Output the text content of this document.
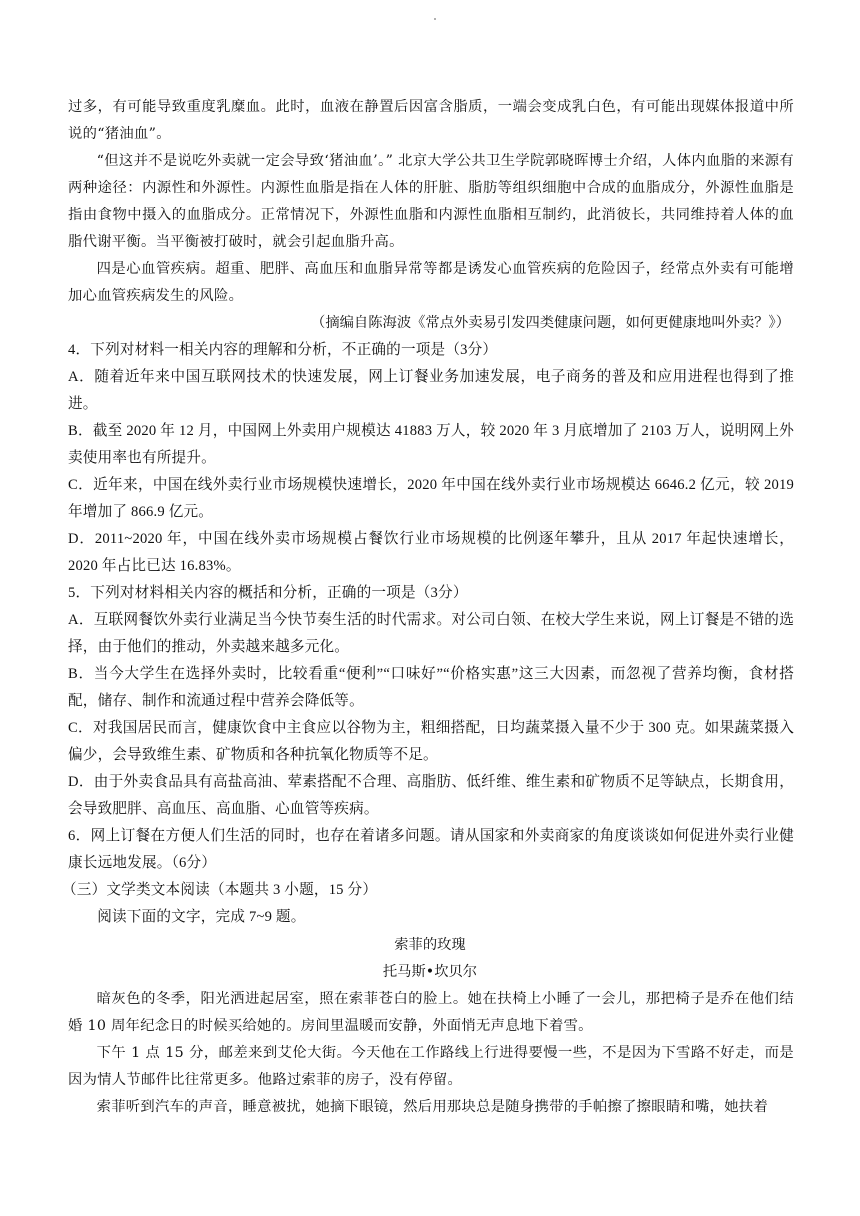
过多，有可能导致重度乳糜血。此时，血液在静置后因富含脂质，一端会变成乳白色，有可能出现媒体报道中所说的“猪油血”。

“但这并不是说吃外卖就一定会导致‘猪油血’。” 北京大学公共卫生学院郭晓晖博士介绍，人体内血脂的来源有两种途径：内源性和外源性。内源性血脂是指在人体的肝脏、脂肪等组织细胞中合成的血脂成分，外源性血脂是指由食物中摄入的血脂成分。正常情况下，外源性血脂和内源性血脂相互制约，此消彼长，共同维持着人体的血脂代谢平衡。当平衡被打破时，就会引起血脂升高。

四是心血管疾病。超重、肥胖、高血压和血脂异常等都是诱发心血管疾病的危险因子，经常点外卖有可能增加心血管疾病发生的风险。

（摘编自陈海波《常点外卖易引发四类健康问题，如何更健康地叫外卖？》）

4．下列对材料一相关内容的理解和分析，不正确的一项是（3分）

A．随着近年来中国互联网技术的快速发展，网上订餐业务加速发展，电子商务的普及和应用进程也得到了推进。

B．截至 2020 年 12 月，中国网上外卖用户规模达 41883 万人，较 2020 年 3 月底增加了 2103 万人，说明网上外卖使用率也有所提升。

C．近年来，中国在线外卖行业市场规模快速增长，2020 年中国在线外卖行业市场规模达 6646.2 亿元，较 2019 年增加了 866.9 亿元。

D．2011~2020 年，中国在线外卖市场规模占餐饮行业市场规模的比例逐年攀升，且从 2017 年起快速增长，2020 年占比已达 16.83%。

5．下列对材料相关内容的概括和分析，正确的一项是（3分）

A．互联网餐饮外卖行业满足当今快节奏生活的时代需求。对公司白领、在校大学生来说，网上订餐是不错的选择，由于他们的推动，外卖越来越多元化。

B．当今大学生在选择外卖时，比较看重“便利”“口味好”“价格实惠”这三大因素，而忽视了营养均衡，食材搭配，储存、制作和流通过程中营养会降低等。

C．对我国居民而言，健康饮食中主食应以谷物为主，粗细搭配，日均蔬菜摄入量不少于 300 克。如果蔬菜摄入偏少，会导致维生素、矿物质和各种抗氧化物质等不足。

D．由于外卖食品具有高盐高油、荤素搭配不合理、高脂肪、低纤维、维生素和矿物质不足等缺点，长期食用，会导致肥胖、高血压、高血脂、心血管等疾病。

6．网上订餐在方便人们生活的同时，也存在着诸多问题。请从国家和外卖商家的角度谈谈如何促进外卖行业健康长远地发展。（6分）

（三）文学类文本阅读（本题共 3 小题，15 分）

阅读下面的文字，完成 7~9 题。

索菲的玫瑰
托马斯•坎贝尔

暗灰色的冬季，阳光洒进起居室，照在索菲苍白的脸上。她在扶椅上小睡了一会儿，那把椅子是乔在他们结婚 10 周年纪念日的时候买给她的。房间里温暖而安静，外面悄无声息地下着雪。

下午 1 点 15 分，邮差来到艾伦大街。今天他在工作路线上行进得要慢一些，不是因为下雪路不好走，而是因为情人节邮件比往常更多。他路过索菲的房子，没有停留。

索菲听到汽车的声音，睡意被扰，她摘下眼镜，然后用那块总是随身携带的手帕擦了擦眼睛和嘴，她扶着
